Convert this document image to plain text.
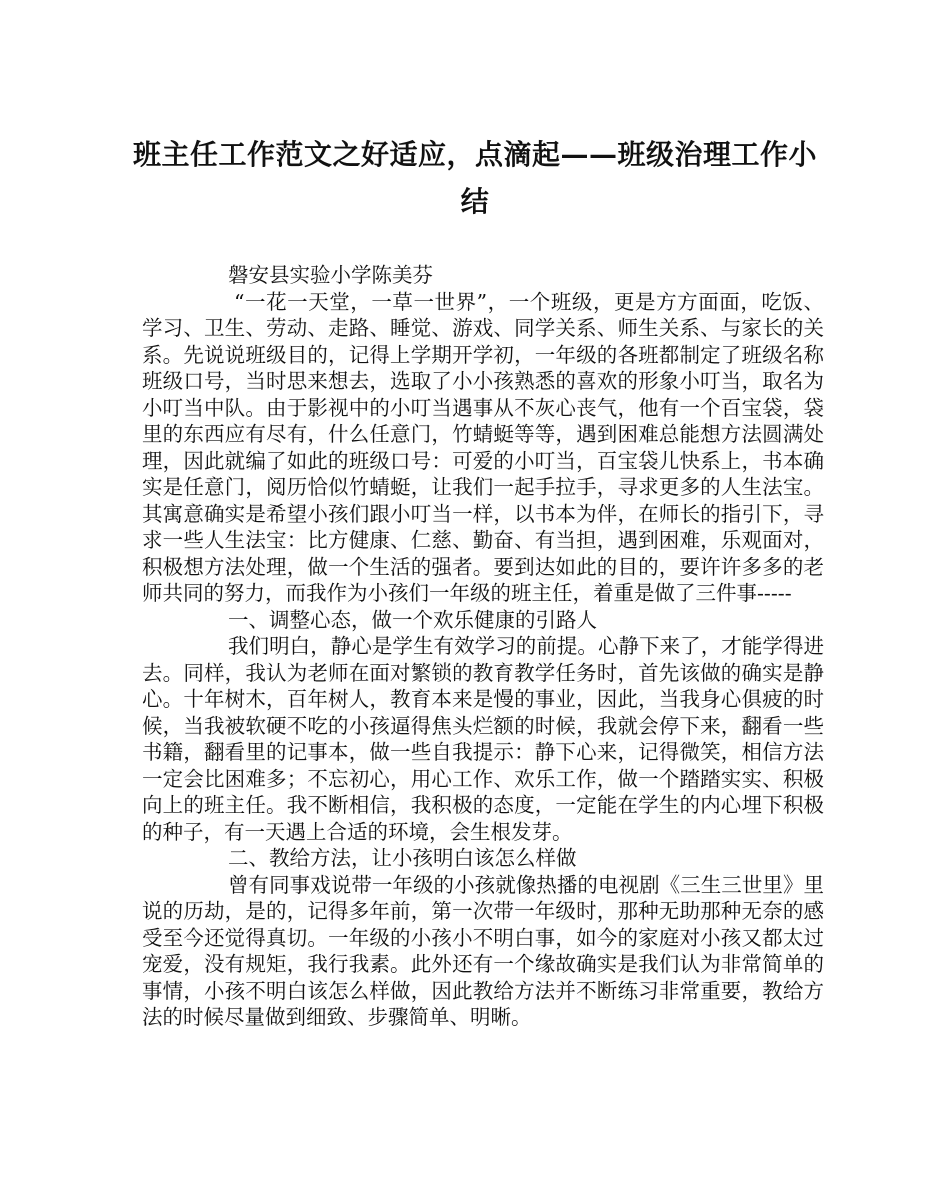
班主任工作范文之好适应，点滴起——班级治理工作小
结

磐安县实验小学陈美芬

“一花一天堂，一草一世界”，一个班级，更是方方面面，吃饭、学习、卫生、劳动、走路、睡觉、游戏、同学关系、师生关系、与家长的关系。先说说班级目的，记得上学期开学初，一年级的各班都制定了班级名称班级口号，当时思来想去，选取了小小孩熟悉的喜欢的形象小叮当，取名为小叮当中队。由于影视中的小叮当遇事从不灰心丧气，他有一个百宝袋，袋里的东西应有尽有，什么任意门，竹蜻蜓等等，遇到困难总能想方法圆满处理，因此就编了如此的班级口号：可爱的小叮当，百宝袋儿快系上，书本确实是任意门，阅历恰似竹蜻蜓，让我们一起手拉手，寻求更多的人生法宝。其寓意确实是希望小孩们跟小叮当一样，以书本为伴，在师长的指引下，寻求一些人生法宝：比方健康、仁慈、勤奋、有当担，遇到困难，乐观面对，积极想方法处理，做一个生活的强者。要到达如此的目的，要许许多多的老师共同的努力，而我作为小孩们一年级的班主任，着重是做了三件事-----

一、调整心态，做一个欢乐健康的引路人

我们明白，静心是学生有效学习的前提。心静下来了，才能学得进去。同样，我认为老师在面对繁锁的教育教学任务时，首先该做的确实是静心。十年树木，百年树人，教育本来是慢的事业，因此，当我身心俱疲的时候，当我被软硬不吃的小孩逼得焦头烂额的时候，我就会停下来，翻看一些书籍，翻看里的记事本，做一些自我提示：静下心来，记得微笑，相信方法一定会比困难多；不忘初心，用心工作、欢乐工作，做一个踏踏实实、积极向上的班主任。我不断相信，我积极的态度，一定能在学生的内心埋下积极的种子，有一天遇上合适的环境，会生根发芽。

二、教给方法，让小孩明白该怎么样做

曾有同事戏说带一年级的小孩就像热播的电视剧《三生三世里》里说的历劫，是的，记得多年前，第一次带一年级时，那种无助那种无奈的感受至今还觉得真切。一年级的小孩小不明白事，如今的家庭对小孩又都太过宠爱，没有规矩，我行我素。此外还有一个缘故确实是我们认为非常简单的事情，小孩不明白该怎么样做，因此教给方法并不断练习非常重要，教给方法的时候尽量做到细致、步骤简单、明晰。
